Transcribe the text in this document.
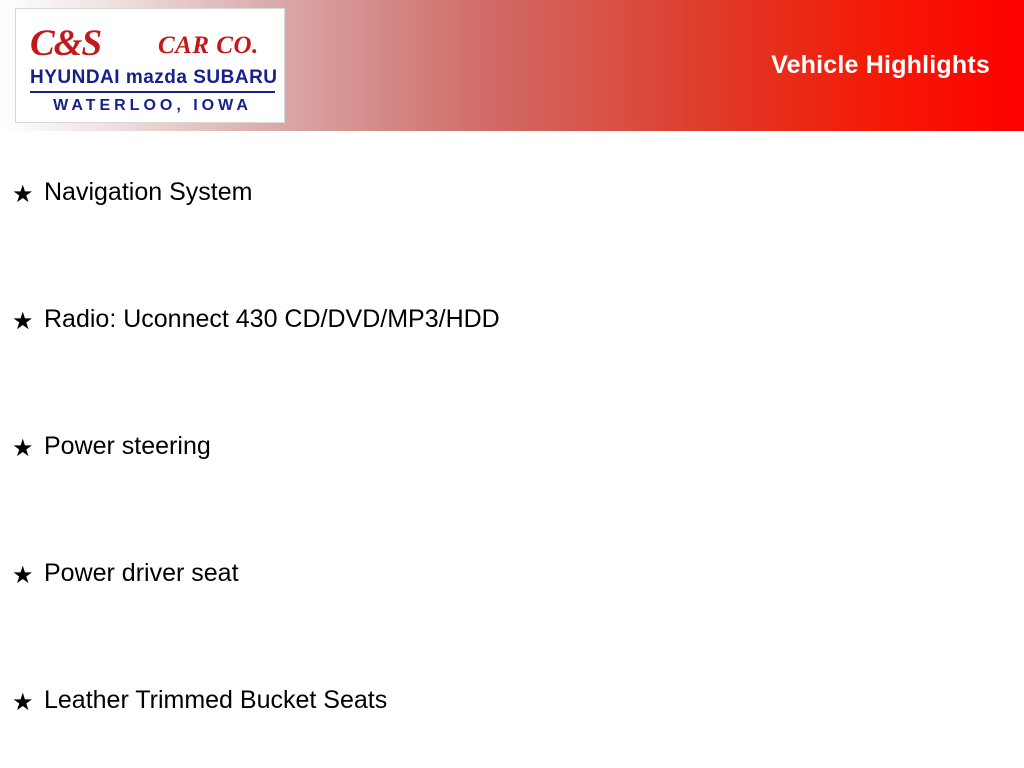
C&S CAR CO.
HYUNDAI mazda SUBARU
WATERLOO, IOWA
Vehicle Highlights
★ Navigation System
★ Radio: Uconnect 430 CD/DVD/MP3/HDD
★ Power steering
★ Power driver seat
★ Leather Trimmed Bucket Seats
